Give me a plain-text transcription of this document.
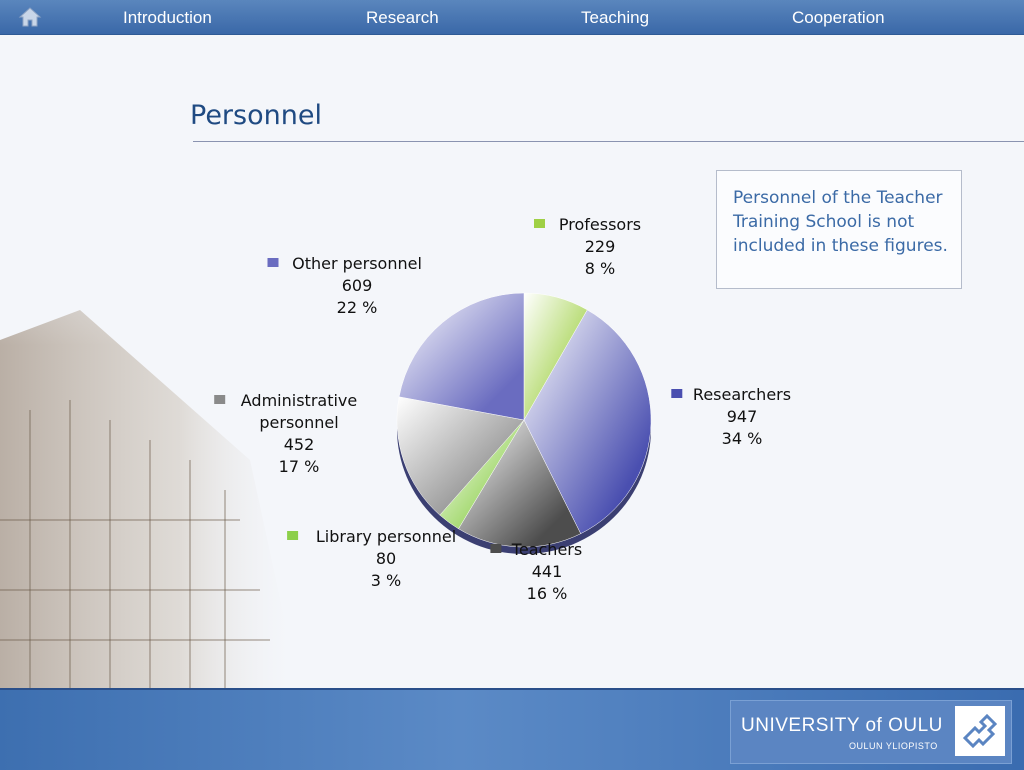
Introduction	Research	Teaching	Cooperation
Personnel
Personnel of the Teacher Training School is not included in these figures.
Professors
229
8 %
Researchers
947
34 %
Teachers
441
16 %
Library personnel
80
3 %
Administrative
personnel
452
17 %
Other personnel
609
22 %
UNIVERSITY of OULU
OULUN YLIOPISTO
